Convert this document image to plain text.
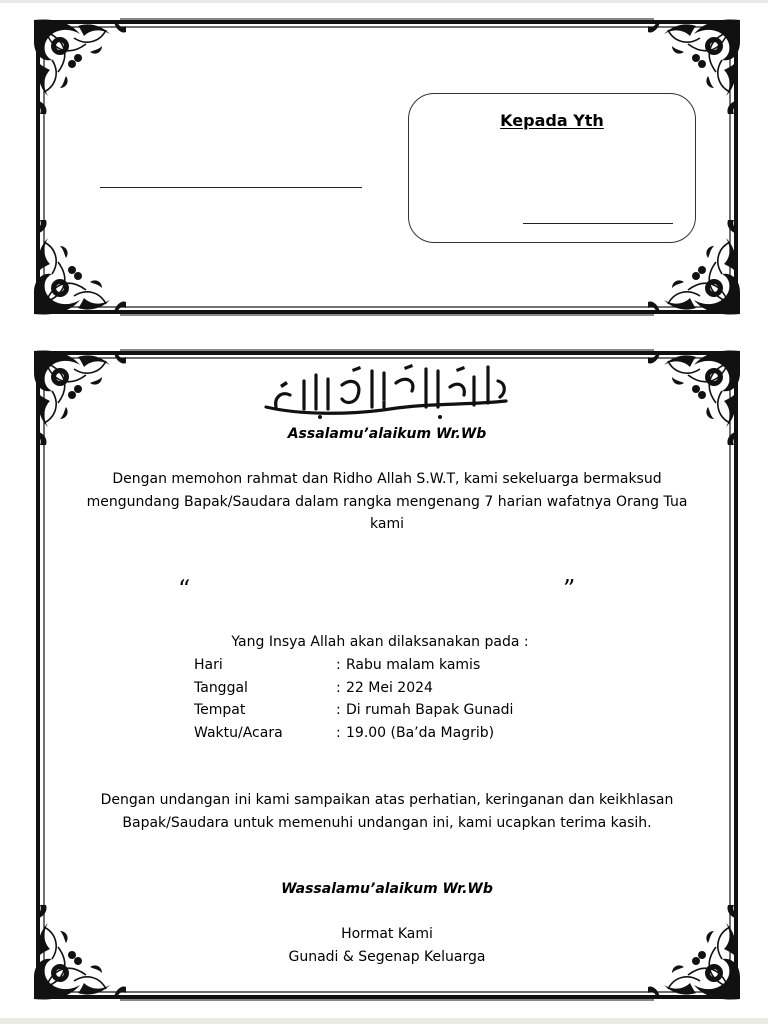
Kepada Yth
بسم الله الرحمن الرحيم
Assalamu’alaikum Wr.Wb
Dengan memohon rahmat dan Ridho Allah S.W.T, kami sekeluarga bermaksud mengundang Bapak/Saudara dalam rangka mengenang 7 harian wafatnya Orang Tua kami
“	”
Yang Insya Allah akan dilaksanakan pada :
Hari	: Rabu malam kamis
Tanggal	: 22 Mei 2024
Tempat	: Di rumah Bapak Gunadi
Waktu/Acara	: 19.00 (Ba’da Magrib)
Dengan undangan ini kami sampaikan atas perhatian, keringanan dan keikhlasan Bapak/Saudara untuk memenuhi undangan ini, kami ucapkan terima kasih.
Wassalamu’alaikum Wr.Wb
Hormat Kami
Gunadi & Segenap Keluarga
